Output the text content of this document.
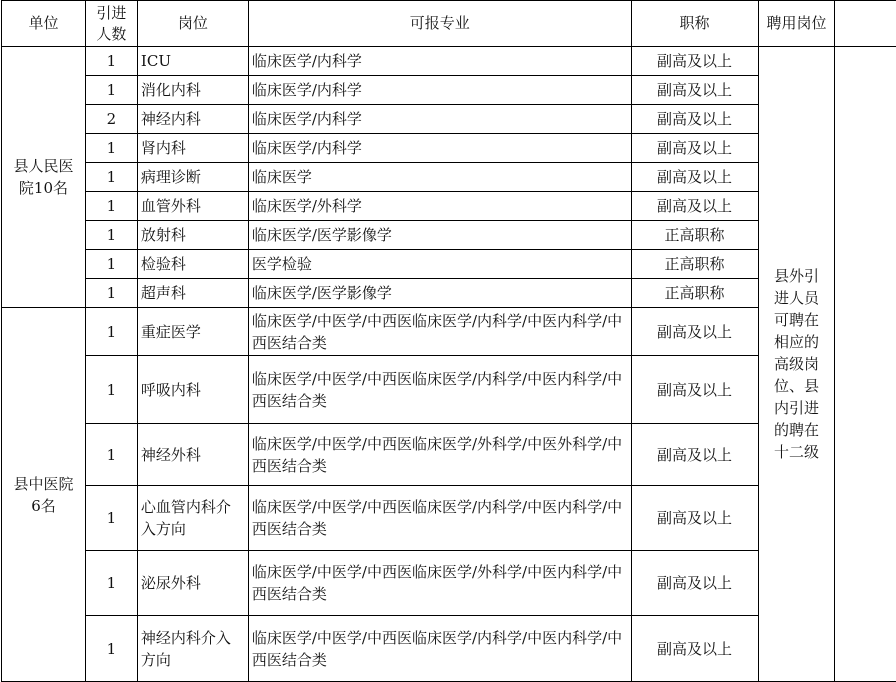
单位	引进人数	岗位	可报专业	职称	聘用岗位	
县人民医院10名	1	ICU	临床医学/内科学	副高及以上	县外引进人员可聘在相应的高级岗位、县内引进的聘在十二级	
	1	消化内科	临床医学/内科学	副高及以上		
	2	神经内科	临床医学/内科学	副高及以上		
	1	肾内科	临床医学/内科学	副高及以上		
	1	病理诊断	临床医学	副高及以上		
	1	血管外科	临床医学/外科学	副高及以上		
	1	放射科	临床医学/医学影像学	正高职称		
	1	检验科	医学检验	正高职称		
	1	超声科	临床医学/医学影像学	正高职称		
县中医院6名	1	重症医学	临床医学/中医学/中西医临床医学/内科学/中医内科学/中西医结合类	副高及以上		
	1	呼吸内科	临床医学/中医学/中西医临床医学/内科学/中医内科学/中西医结合类	副高及以上		
	1	神经外科	临床医学/中医学/中西医临床医学/外科学/中医外科学/中西医结合类	副高及以上		
	1	心血管内科介入方向	临床医学/中医学/中西医临床医学/内科学/中医内科学/中西医结合类	副高及以上		
	1	泌尿外科	临床医学/中医学/中西医临床医学/外科学/中医内科学/中西医结合类	副高及以上		
	1	神经内科介入方向	临床医学/中医学/中西医临床医学/内科学/中医内科学/中西医结合类	副高及以上		
